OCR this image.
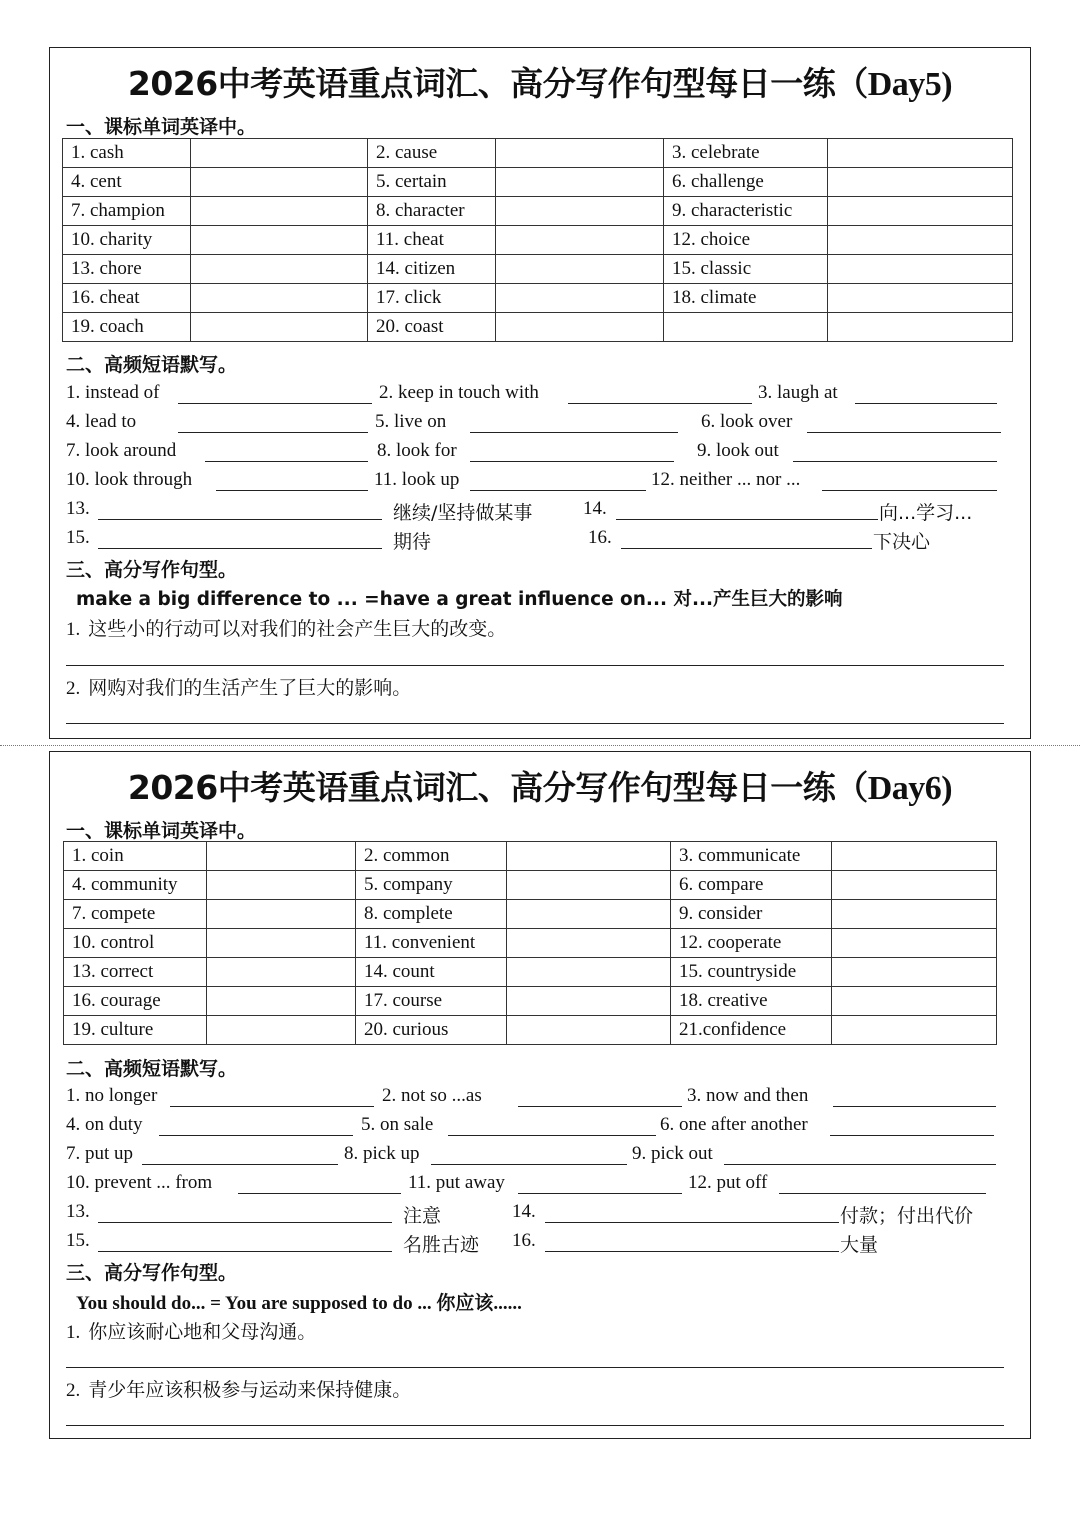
2026中考英语重点词汇、高分写作句型每日一练（Day5)
一、课标单词英译中。
1. cash		2. cause		3. celebrate	
4. cent		5. certain		6. challenge	
7. champion		8. character		9. characteristic	
10. charity		11. cheat		12. choice	
13. chore		14. citizen		15. classic	
16. cheat		17. click		18. climate	
19. coach		20. coast			
二、高频短语默写。
1. instead of	2. keep in touch with	3. laugh at
4. lead to	5. live on	6. look over
7. look around	8. look for	9. look out
10. look through	11. look up	12. neither ... nor ...
13.	继续/坚持做某事	14.	向...学习...
15.	期待	16.	下决心
三、高分写作句型。
make a big difference to ... =have a great influence on... 对...产生巨大的影响
1. 这些小的行动可以对我们的社会产生巨大的改变。
2. 网购对我们的生活产生了巨大的影响。
2026中考英语重点词汇、高分写作句型每日一练（Day6)
一、课标单词英译中。
1. coin		2. common		3. communicate	
4. community		5. company		6. compare	
7. compete		8. complete		9. consider	
10. control		11. convenient		12. cooperate	
13. correct		14. count		15. countryside	
16. courage		17. course		18. creative	
19. culture		20. curious		21.confidence	
二、高频短语默写。
1. no longer	2. not so ...as	3. now and then
4. on duty	5. on sale	6. one after another
7. put up	8. pick up	9. pick out
10. prevent ... from	11. put away	12. put off
13.	注意	14.	付款；付出代价
15.	名胜古迹 16.	大量
三、高分写作句型。
You should do... = You are supposed to do ... 你应该......
1. 你应该耐心地和父母沟通。
2. 青少年应该积极参与运动来保持健康。
